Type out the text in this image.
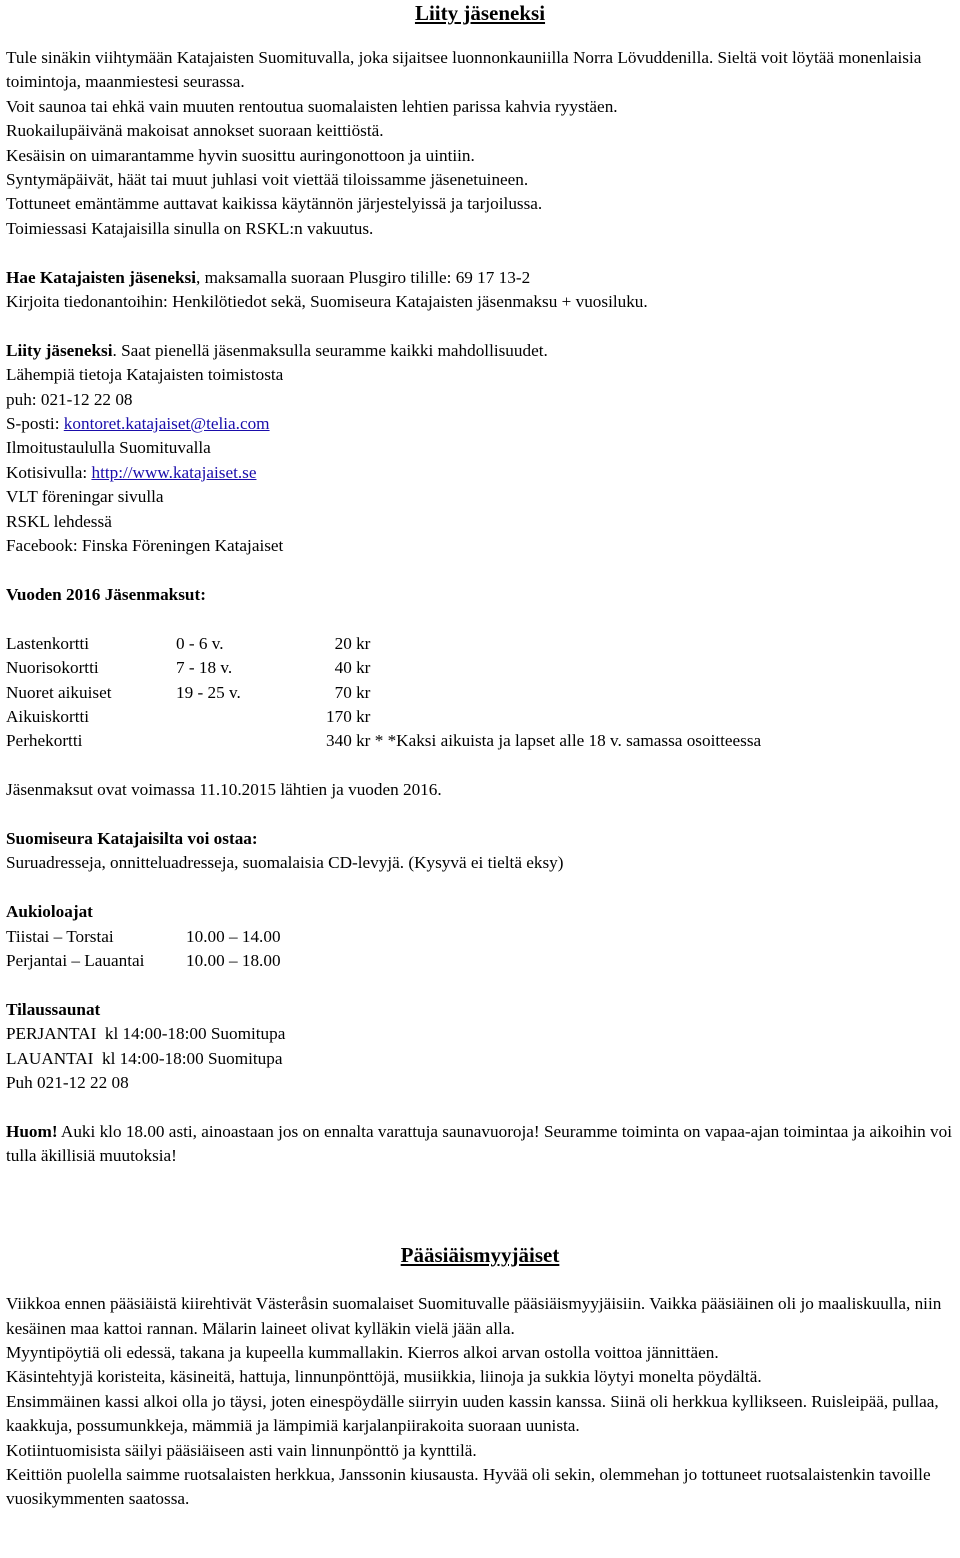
Liity jäseneksi

Tule sinäkin viihtymään Katajaisten Suomituvalla, joka sijaitsee luonnonkauniilla Norra Lövuddenilla. Sieltä voit löytää monenlaisia toimintoja, maanmiestesi seurassa.

Voit saunoa tai ehkä vain muuten rentoutua suomalaisten lehtien parissa kahvia ryystäen.

Ruokailupäivänä makoisat annokset suoraan keittiöstä.

Kesäisin on uimarantamme hyvin suosittu auringonottoon ja uintiin.

Syntymäpäivät, häät tai muut juhlasi voit viettää tiloissamme jäsenetuineen.

Tottuneet emäntämme auttavat kaikissa käytännön järjestelyissä ja tarjoilussa.

Toimiessasi Katajaisilla sinulla on RSKL:n vakuutus.

Hae Katajaisten jäseneksi, maksamalla suoraan Plusgiro tilille: 69 17 13-2

Kirjoita tiedonantoihin: Henkilötiedot sekä, Suomiseura Katajaisten jäsenmaksu + vuosiluku.

Liity jäseneksi. Saat pienellä jäsenmaksulla seuramme kaikki mahdollisuudet.

Lähempiä tietoja Katajaisten toimistosta

puh: 021-12 22 08

S-posti: kontoret.katajaiset@telia.com

Ilmoitustaululla Suomituvalla

Kotisivulla: http://www.katajaiset.se

VLT föreningar sivulla

RSKL lehdessä

Facebook: Finska Föreningen Katajaiset

Vuoden 2016 Jäsenmaksut:

Lastenkortti	0 - 6 v.	20 kr
Nuorisokortti	7 - 18 v.	40 kr
Nuoret aikuiset	19 - 25 v.	70 kr
Aikuiskortti		170 kr
Perhekortti		340 kr * *Kaksi aikuista ja lapset alle 18 v. samassa osoitteessa

Jäsenmaksut ovat voimassa 11.10.2015 lähtien ja vuoden 2016.

Suomiseura Katajaisilta voi ostaa:

Suruadresseja, onnitteluadresseja, suomalaisia CD-levyjä. (Kysyvä ei tieltä eksy)

Aukioloajat

Tiistai – Torstai	10.00 – 14.00
Perjantai – Lauantai	10.00 – 18.00

Tilaussaunat

PERJANTAI  kl 14:00-18:00 Suomitupa

LAUANTAI  kl 14:00-18:00 Suomitupa

Puh 021-12 22 08

Huom! Auki klo 18.00 asti, ainoastaan jos on ennalta varattuja saunavuoroja! Seuramme toiminta on vapaa-ajan toimintaa ja aikoihin voi tulla äkillisiä muutoksia!

Pääsiäismyyjäiset

Viikkoa ennen pääsiäistä kiirehtivät Västeråsin suomalaiset Suomituvalle pääsiäismyyjäisiin. Vaikka pääsiäinen oli jo maaliskuulla, niin kesäinen maa kattoi rannan. Mälarin laineet olivat kylläkin vielä jään alla.

Myyntipöytiä oli edessä, takana ja kupeella kummallakin. Kierros alkoi arvan ostolla voittoa jännittäen.

Käsintehtyjä koristeita, käsineitä, hattuja, linnunpönttöjä, musiikkia, liinoja ja sukkia löytyi monelta pöydältä.

Ensimmäinen kassi alkoi olla jo täysi, joten einespöydälle siirryin uuden kassin kanssa. Siinä oli herkkua kyllikseen. Ruisleipää, pullaa, kaakkuja, possumunkkeja, mämmiä ja lämpimiä karjalanpiirakoita suoraan uunista.

Kotiintuomisista säilyi pääsiäiseen asti vain linnunpönttö ja kynttilä.

Keittiön puolella saimme ruotsalaisten herkkua, Janssonin kiusausta. Hyvää oli sekin, olemmehan jo tottuneet ruotsalaistenkin tavoille vuosikymmenten saatossa.
